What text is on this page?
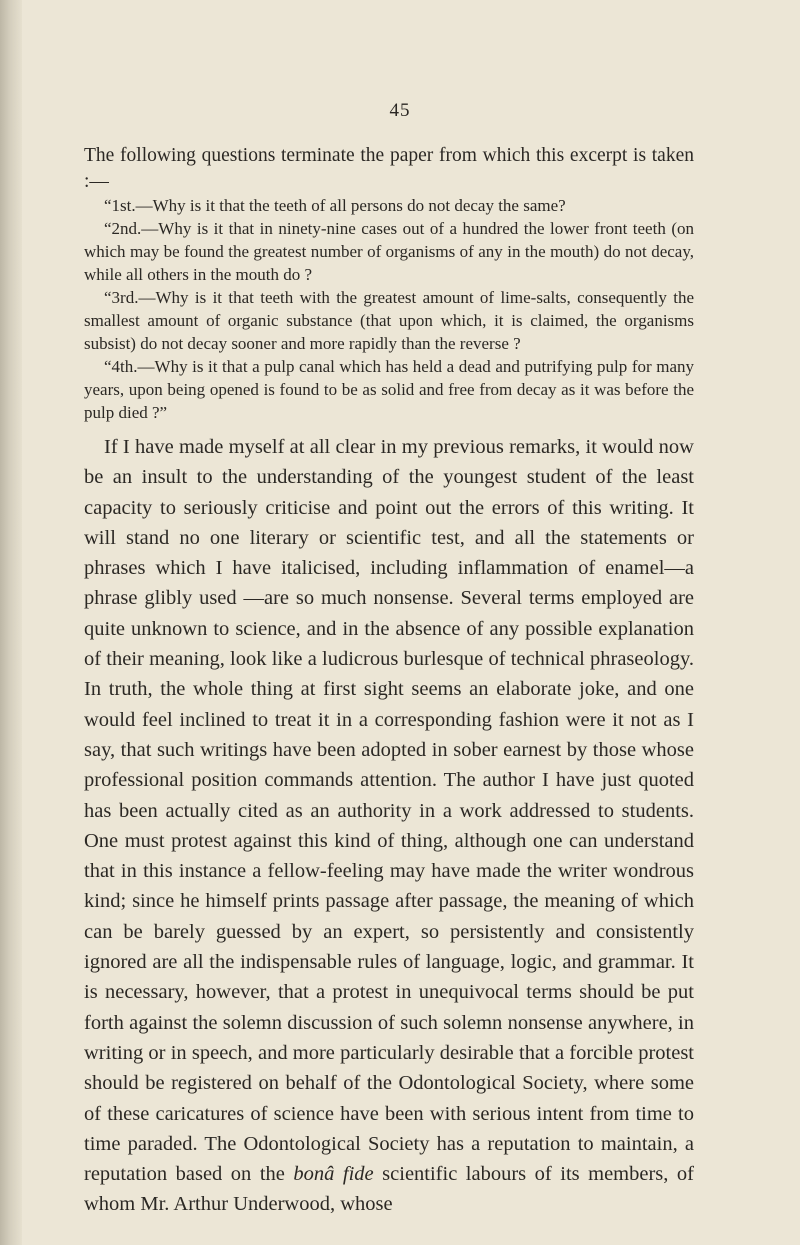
45
The following questions terminate the paper from which this excerpt is taken :—

“1st.—Why is it that the teeth of all persons do not decay the same?

“2nd.—Why is it that in ninety-nine cases out of a hundred the lower front teeth (on which may be found the greatest number of organisms of any in the mouth) do not decay, while all others in the mouth do ?

“3rd.—Why is it that teeth with the greatest amount of lime-salts, consequently the smallest amount of organic substance (that upon which, it is claimed, the organisms subsist) do not decay sooner and more rapidly than the reverse ?

“4th.—Why is it that a pulp canal which has held a dead and putrifying pulp for many years, upon being opened is found to be as solid and free from decay as it was before the pulp died ?”

If I have made myself at all clear in my previous remarks, it would now be an insult to the understanding of the youngest student of the least capacity to seriously criticise and point out the errors of this writing. It will stand no one literary or scientific test, and all the statements or phrases which I have italicised, including inflammation of enamel—a phrase glibly used —are so much nonsense. Several terms employed are quite unknown to science, and in the absence of any possible explanation of their meaning, look like a ludicrous burlesque of technical phraseology. In truth, the whole thing at first sight seems an elaborate joke, and one would feel inclined to treat it in a corresponding fashion were it not as I say, that such writings have been adopted in sober earnest by those whose professional position commands attention. The author I have just quoted has been actually cited as an authority in a work addressed to students. One must protest against this kind of thing, although one can understand that in this instance a fellow-feeling may have made the writer wondrous kind; since he himself prints passage after passage, the meaning of which can be barely guessed by an expert, so persistently and consistently ignored are all the indispensable rules of language, logic, and grammar. It is necessary, however, that a protest in unequivocal terms should be put forth against the solemn discussion of such solemn nonsense anywhere, in writing or in speech, and more particularly desirable that a forcible protest should be registered on behalf of the Odontological Society, where some of these caricatures of science have been with serious intent from time to time paraded. The Odontological Society has a reputation to maintain, a reputation based on the bonâ fide scientific labours of its members, of whom Mr. Arthur Underwood, whose
